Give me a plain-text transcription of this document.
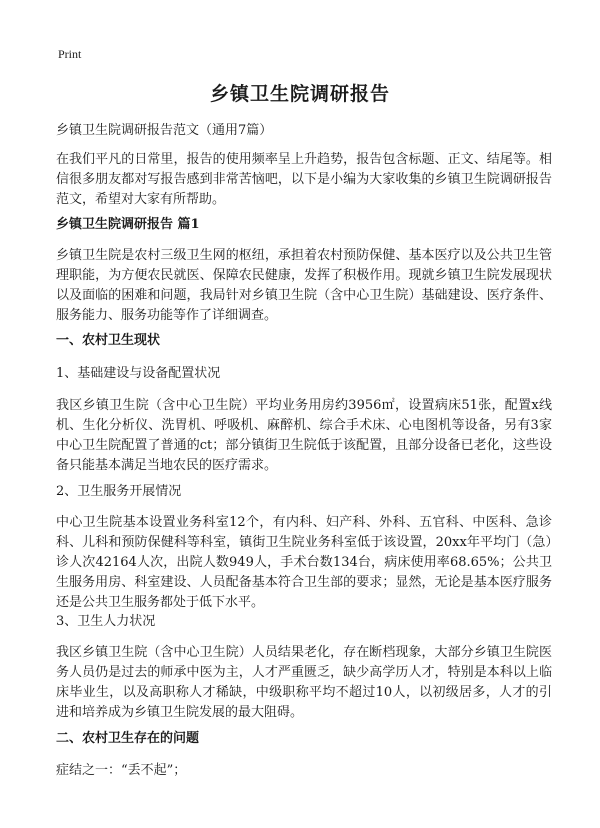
Print
乡镇卫生院调研报告

乡镇卫生院调研报告范文（通用7篇）

在我们平凡的日常里，报告的使用频率呈上升趋势，报告包含标题、正文、结尾等。相信很多朋友都对写报告感到非常苦恼吧，以下是小编为大家收集的乡镇卫生院调研报告范文，希望对大家有所帮助。

乡镇卫生院调研报告 篇1

乡镇卫生院是农村三级卫生网的枢纽，承担着农村预防保健、基本医疗以及公共卫生管理职能，为方便农民就医、保障农民健康，发挥了积极作用。现就乡镇卫生院发展现状以及面临的困难和问题，我局针对乡镇卫生院（含中心卫生院）基础建设、医疗条件、服务能力、服务功能等作了详细调查。

一、农村卫生现状

1、基础建设与设备配置状况

我区乡镇卫生院（含中心卫生院）平均业务用房约3956㎡，设置病床51张，配置x线机、生化分析仪、洗胃机、呼吸机、麻醉机、综合手术床、心电图机等设备，另有3家中心卫生院配置了普通的ct；部分镇街卫生院低于该配置，且部分设备已老化，这些设备只能基本满足当地农民的医疗需求。

2、卫生服务开展情况

中心卫生院基本设置业务科室12个，有内科、妇产科、外科、五官科、中医科、急诊科、儿科和预防保健科等科室，镇街卫生院业务科室低于该设置，20xx年平均门（急）诊人次42164人次，出院人数949人，手术台数134台，病床使用率68.65%；公共卫生服务用房、科室建设、人员配备基本符合卫生部的要求；显然，无论是基本医疗服务还是公共卫生服务都处于低下水平。

3、卫生人力状况

我区乡镇卫生院（含中心卫生院）人员结果老化，存在断档现象，大部分乡镇卫生院医务人员仍是过去的师承中医为主，人才严重匮乏，缺少高学历人才，特别是本科以上临床毕业生，以及高职称人才稀缺，中级职称平均不超过10人，以初级居多，人才的引进和培养成为乡镇卫生院发展的最大阻碍。

二、农村卫生存在的问题

症结之一：“丢不起”；
